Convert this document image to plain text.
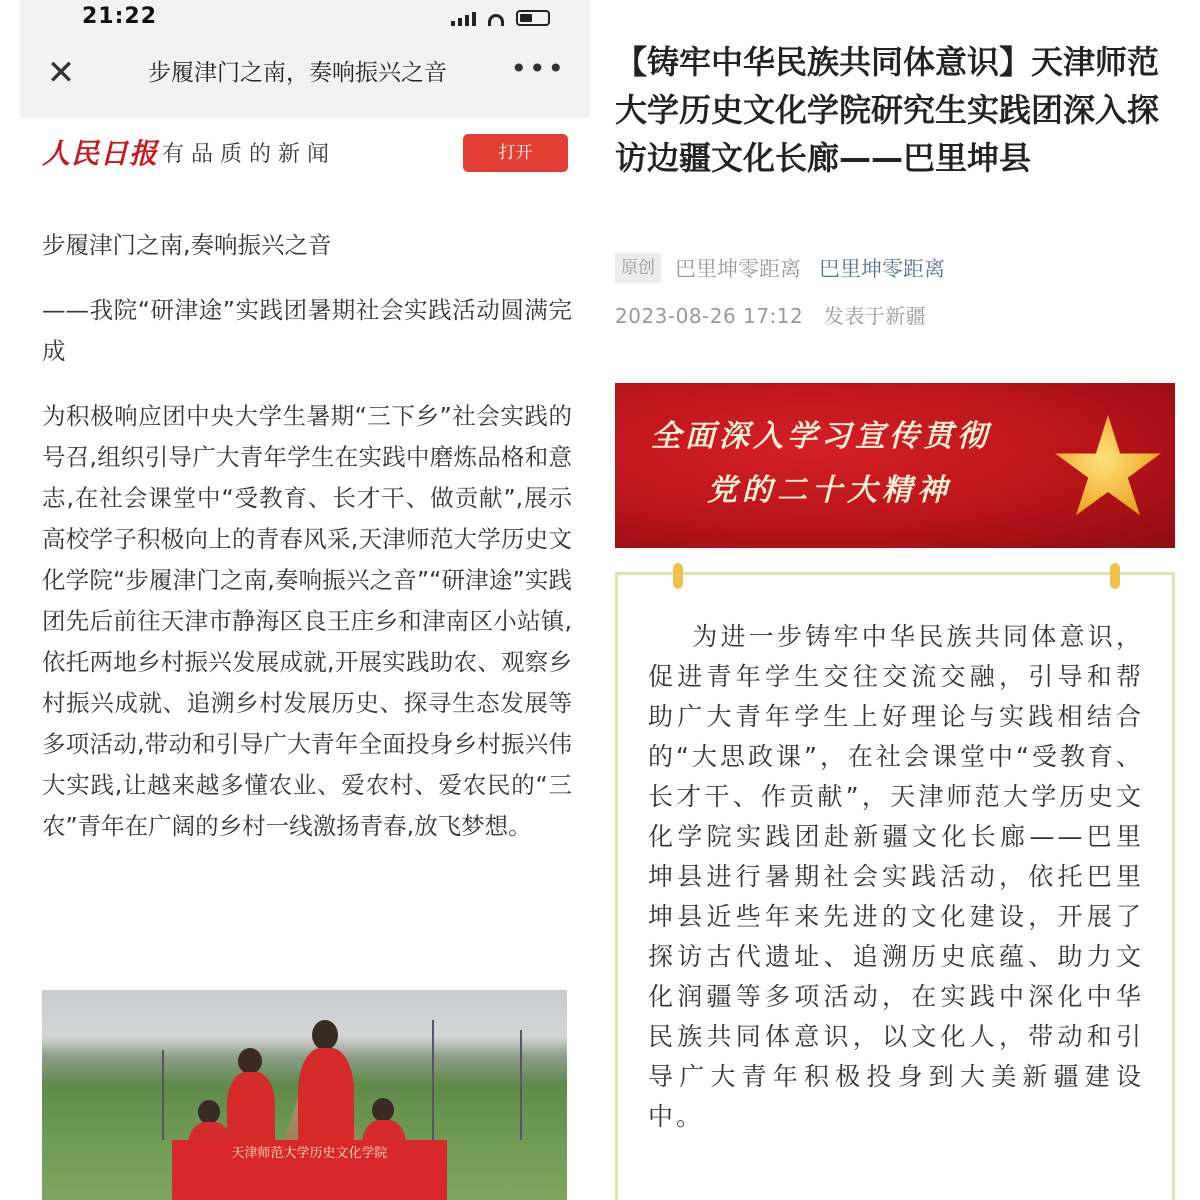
21:22
✕	步履津门之南，奏响振兴之音	•••
人民日报 有品质的新闻	打开

步履津门之南,奏响振兴之音

——我院“研津途”实践团暑期社会实践活动圆满完成

为积极响应团中央大学生暑期“三下乡”社会实践的号召,组织引导广大青年学生在实践中磨炼品格和意志,在社会课堂中“受教育、长才干、做贡献”,展示高校学子积极向上的青春风采,天津师范大学历史文化学院“步履津门之南,奏响振兴之音”“研津途”实践团先后前往天津市静海区良王庄乡和津南区小站镇,依托两地乡村振兴发展成就,开展实践助农、观察乡村振兴成就、追溯乡村发展历史、探寻生态发展等多项活动,带动和引导广大青年全面投身乡村振兴伟大实践,让越来越多懂农业、爱农村、爱农民的“三农”青年在广阔的乡村一线激扬青春,放飞梦想。

天津师范大学历史文化学院
【铸牢中华民族共同体意识】天津师范大学历史文化学院研究生实践团深入探访边疆文化长廊——巴里坤县
原创 巴里坤零距离 巴里坤零距离
2023-08-26 17:12 发表于新疆
全面深入学习宣传贯彻
党的二十大精神
为进一步铸牢中华民族共同体意识，促进青年学生交往交流交融，引导和帮助广大青年学生上好理论与实践相结合的“大思政课”，在社会课堂中“受教育、长才干、作贡献”，天津师范大学历史文化学院实践团赴新疆文化长廊——巴里坤县进行暑期社会实践活动，依托巴里坤县近些年来先进的文化建设，开展了探访古代遗址、追溯历史底蕴、助力文化润疆等多项活动，在实践中深化中华民族共同体意识，以文化人，带动和引导广大青年积极投身到大美新疆建设中。
